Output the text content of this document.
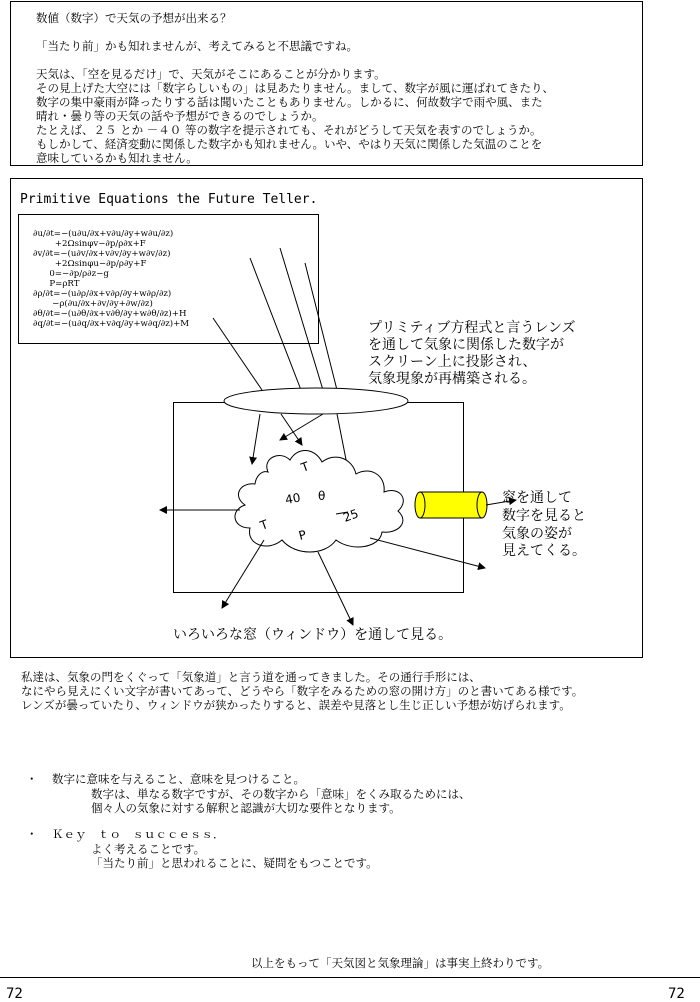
数値（数字）で天気の予想が出来る？
「当たり前」かも知れませんが、考えてみると不思議ですね。
天気は、「空を見るだけ」で、天気がそこにあることが分かります。
その見上げた大空には「数字らしいもの」は見あたりません。まして、数字が風に運ばれてきたり、
数字の集中豪雨が降ったりする話は聞いたこともありません。しかるに、何故数字で雨や風、また
晴れ・曇り等の天気の話や予想ができるのでしょうか。
たとえば、２５ とか －４０ 等の数字を提示されても、それがどうして天気を表すのでしょうか。
もしかして、経済変動に関係した数字かも知れません。いや、やはり天気に関係した気温のことを
意味しているかも知れません。
Primitive Equations the Future Teller.
∂u/∂t=−(u∂u/∂x+v∂u/∂y+w∂u/∂z)
+2Ωsinφv−∂p/ρ∂x+F
∂v/∂t=−(u∂v/∂x+v∂v/∂y+w∂v/∂z)
+2Ωsinφu−∂p/ρ∂y+F
0=−∂p/ρ∂z−g
P=ρRT
∂ρ/∂t=−(u∂ρ/∂x+v∂ρ/∂y+w∂ρ/∂z)
−ρ(∂u/∂x+∂v/∂y+∂w/∂z)
∂θ/∂t=−(u∂θ/∂x+v∂θ/∂y+w∂θ/∂z)+H
∂q/∂t=−(u∂q/∂x+v∂q/∂y+w∂q/∂z)+M
T
40 θ
25
T
P
プリミティブ方程式と言うレンズ
を通して気象に関係した数字が
スクリーン上に投影され、
気象現象が再構築される。
窓を通して
数字を見ると
気象の姿が
見えてくる。
いろいろな窓（ウィンドウ）を通して見る。
私達は、気象の門をくぐって「気象道」と言う道を通ってきました。その通行手形には、
なにやら見えにくい文字が書いてあって、どうやら「数字をみるための窓の開け方」のと書いてある様です。
レンズが曇っていたり、ウィンドウが狭かったりすると、誤差や見落とし生じ正しい予想が妨げられます。
・ 数字に意味を与えること、意味を見つけること。
数字は、単なる数字ですが、その数字から「意味」をくみ取るためには、
個々人の気象に対する解釈と認識が大切な要件となります。
・ Ｋｅｙ　ｔｏ　ｓｕｃｃｅｓｓ．
よく考えることです。
「当たり前」と思われることに、疑問をもつことです。
以上をもって「天気図と気象理論」は事実上終わりです。
72	72
